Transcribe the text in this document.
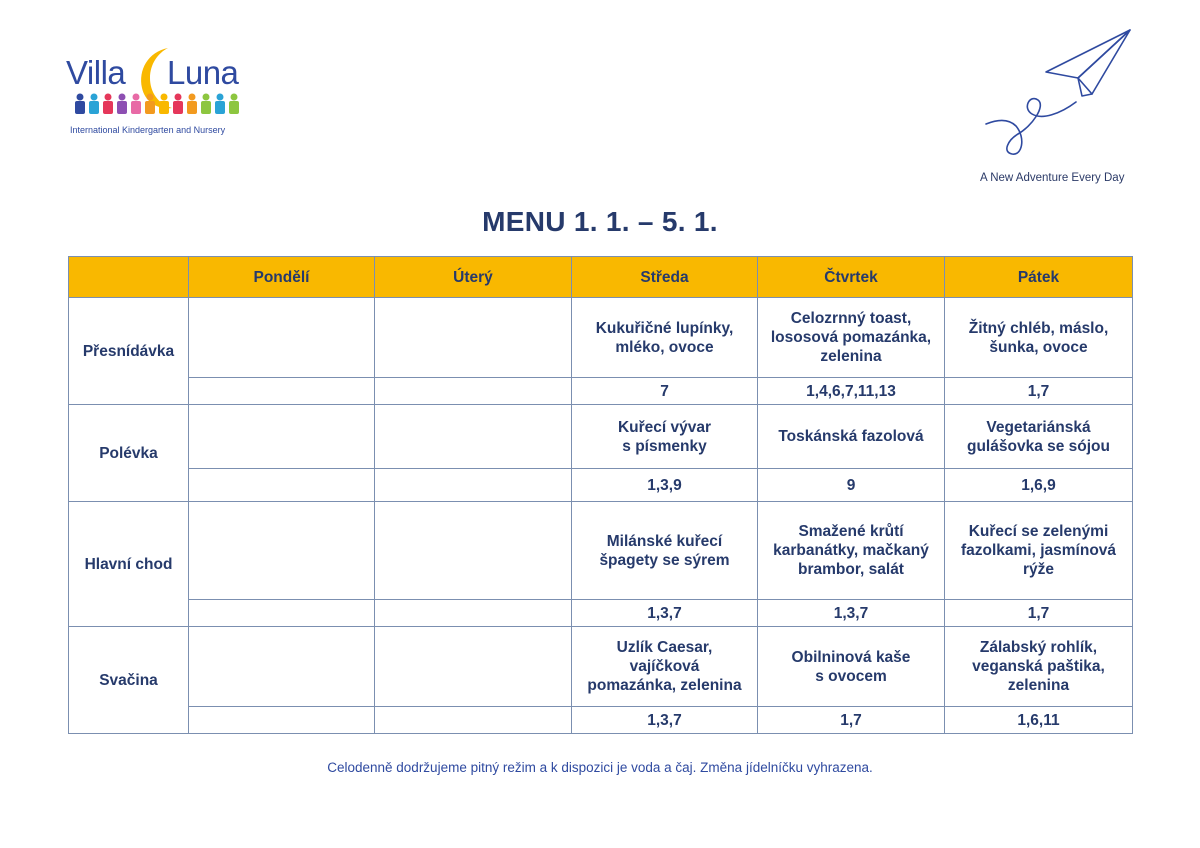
Villa Luna
International Kindergarten and Nursery
A New Adventure Every Day
MENU 1. 1. – 5. 1.
	Pondělí	Úterý	Středa	Čtvrtek	Pátek
Přesnídávka			Kukuřičné lupínky,
mléko, ovoce	Celozrnný toast,
lososová pomazánka,
zelenina	Žitný chléb, máslo,
šunka, ovoce
			7	1,4,6,7,11,13	1,7
Polévka			Kuřecí vývar
s písmenky	Toskánská fazolová	Vegetariánská
gulášovka se sójou
			1,3,9	9	1,6,9
Hlavní chod			Milánské kuřecí
špagety se sýrem	Smažené krůtí
karbanátky, mačkaný
brambor, salát	Kuřecí se zelenými
fazolkami, jasmínová
rýže
			1,3,7	1,3,7	1,7
Svačina			Uzlík Caesar,
vajíčková
pomazánka, zelenina	Obilninová kaše
s ovocem	Zálabský rohlík,
veganská paštika,
zelenina
			1,3,7	1,7	1,6,11
Celodenně dodržujeme pitný režim a k dispozici je voda a čaj. Změna jídelníčku vyhrazena.
